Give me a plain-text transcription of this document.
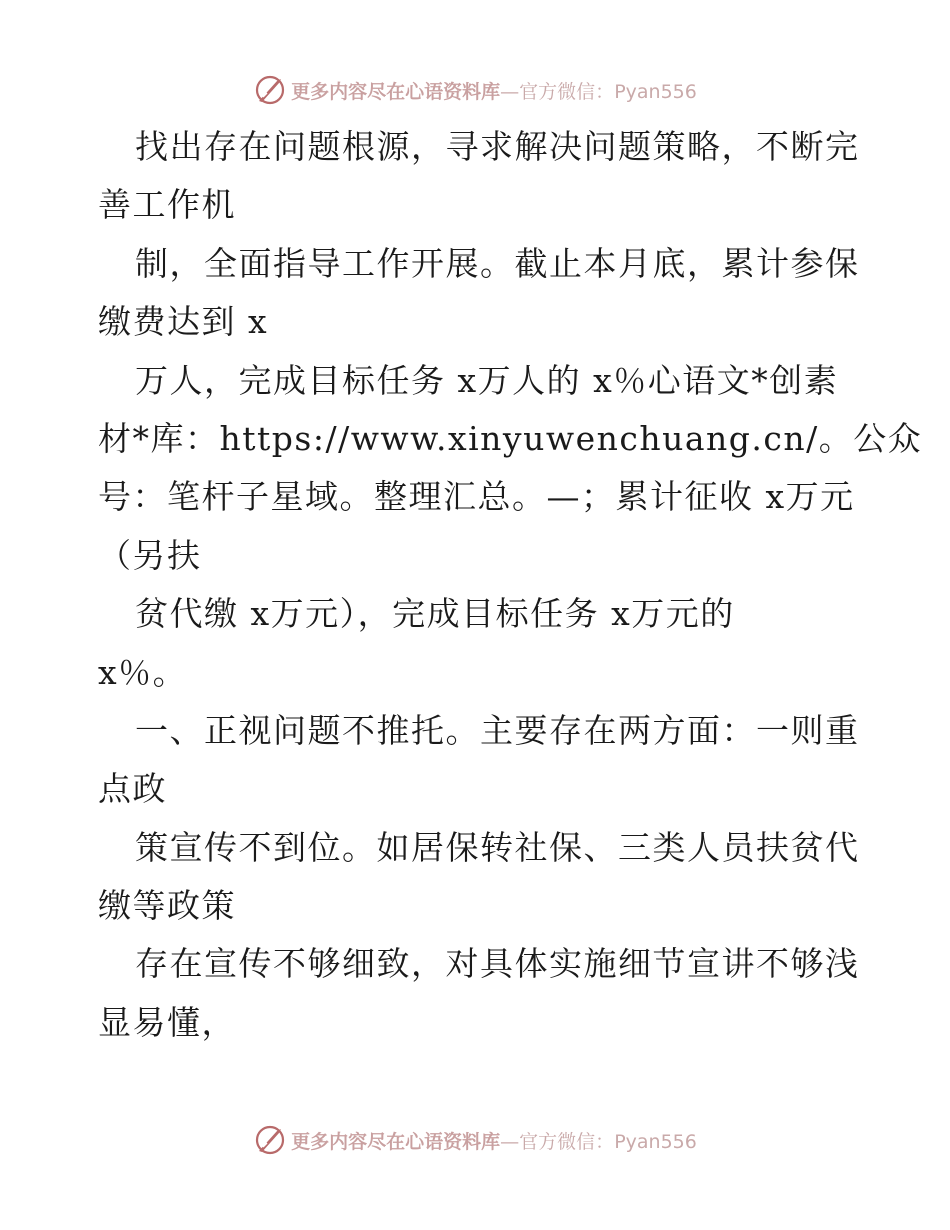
更多内容尽在心语资料库—官方微信：Pyan556
找出存在问题根源，寻求解决问题策略，不断完
善工作机
制，全面指导工作开展。截止本月底，累计参保
缴费达到 x
万人，完成目标任务 x万人的 x％心语文*创素
材*库：https://www.xinyuwenchuang.cn/。公众
号：笔杆子星域。整理汇总。—；累计征收 x万元
（另扶
贫代缴 x万元），完成目标任务 x万元的
x％。
一、正视问题不推托。主要存在两方面：一则重
点政
策宣传不到位。如居保转社保、三类人员扶贫代
缴等政策
存在宣传不够细致，对具体实施细节宣讲不够浅
显易懂，
更多内容尽在心语资料库—官方微信：Pyan556
